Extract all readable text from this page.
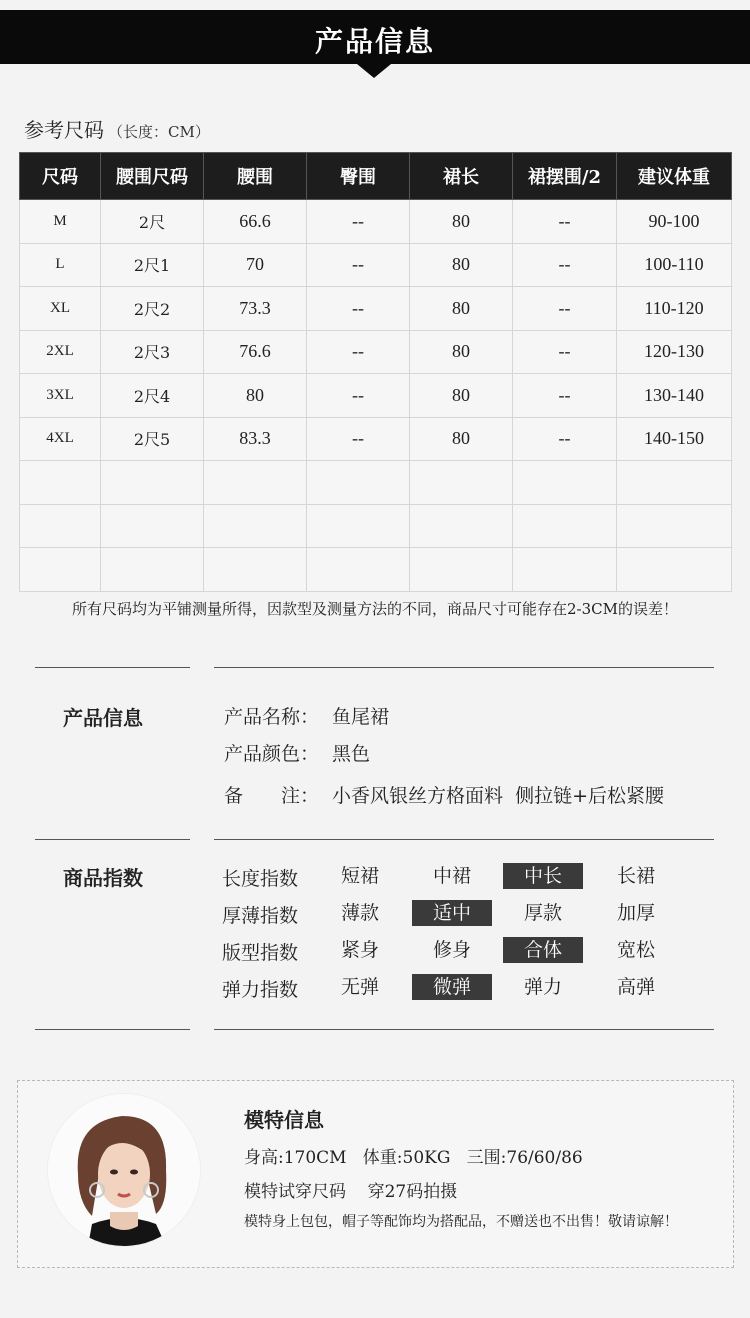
产品信息
参考尺码 （长度：CM）
尺码	腰围尺码	腰围	臀围	裙长	裙摆围/2	建议体重
M	2尺	66.6	--	80	--	90-100
L	2尺1	70	--	80	--	100-110
XL	2尺2	73.3	--	80	--	110-120
2XL	2尺3	76.6	--	80	--	120-130
3XL	2尺4	80	--	80	--	130-140
4XL	2尺5	83.3	--	80	--	140-150

所有尺码均为平铺测量所得，因款型及测量方法的不同，商品尺寸可能存在2-3CM的误差！
产品信息	产品名称： 鱼尾裙
产品颜色： 黑色
备　　注： 小香风银丝方格面料  侧拉链+后松紧腰
商品指数	长度指数	短裙	中裙	中长	长裙
厚薄指数	薄款	适中	厚款	加厚
版型指数	紧身	修身	合体	宽松
弹力指数	无弹	微弹	弹力	高弹
模特信息
身高:170CM   体重:50KG   三围:76/60/86
模特试穿尺码    穿27码拍摄
模特身上包包，帽子等配饰均为搭配品，不赠送也不出售！敬请谅解！
